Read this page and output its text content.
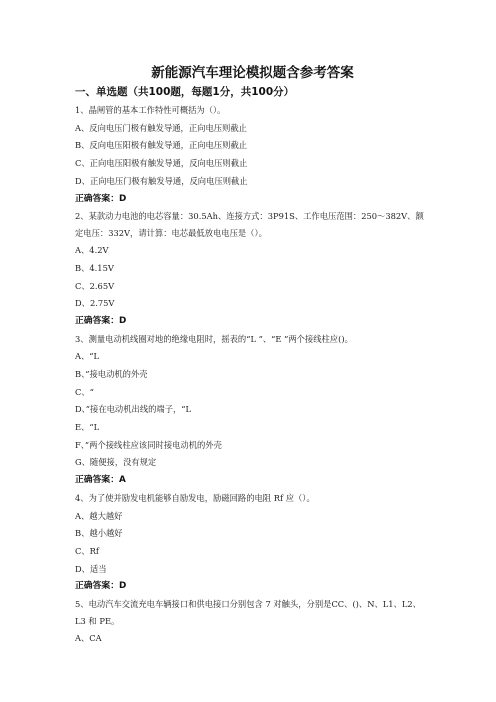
新能源汽车理论模拟题含参考答案
一、单选题（共100题，每题1分，共100分）
1、晶闸管的基本工作特性可概括为（）。
A、反向电压门极有触发导通，正向电压则截止
B、反向电压阳极有触发导通，正向电压则截止
C、正向电压阳极有触发导通，反向电压则截止
D、正向电压门极有触发导通，反向电压则截止
正确答案：D
2、某款动力电池的电芯容量：30.5Ah、连接方式：3P91S、工作电压范围：250～382V、额定电压：332V，请计算：电芯最低放电电压是（）。
A、4.2V
B、4.15V
C、2.65V
D、2.75V
正确答案：D
3、测量电动机线圈对地的绝缘电阻时，摇表的“L ”、“E ”两个接线柱应()。
A、“L
B、”接电动机的外壳
C、“
D、”接在电动机出线的端子，“L
E、“L
F、”两个接线柱应该同时接电动机的外壳
G、随便接，没有规定
正确答案：A
4、为了使并励发电机能够自励发电，励磁回路的电阻 Rf 应（）。
A、越大越好
B、越小越好
C、Rf
D、适当
正确答案：D
5、电动汽车交流充电车辆接口和供电接口分别包含 7 对触头，分别是CC、()、N、L1、L2、L3 和 PE。
A、CA
